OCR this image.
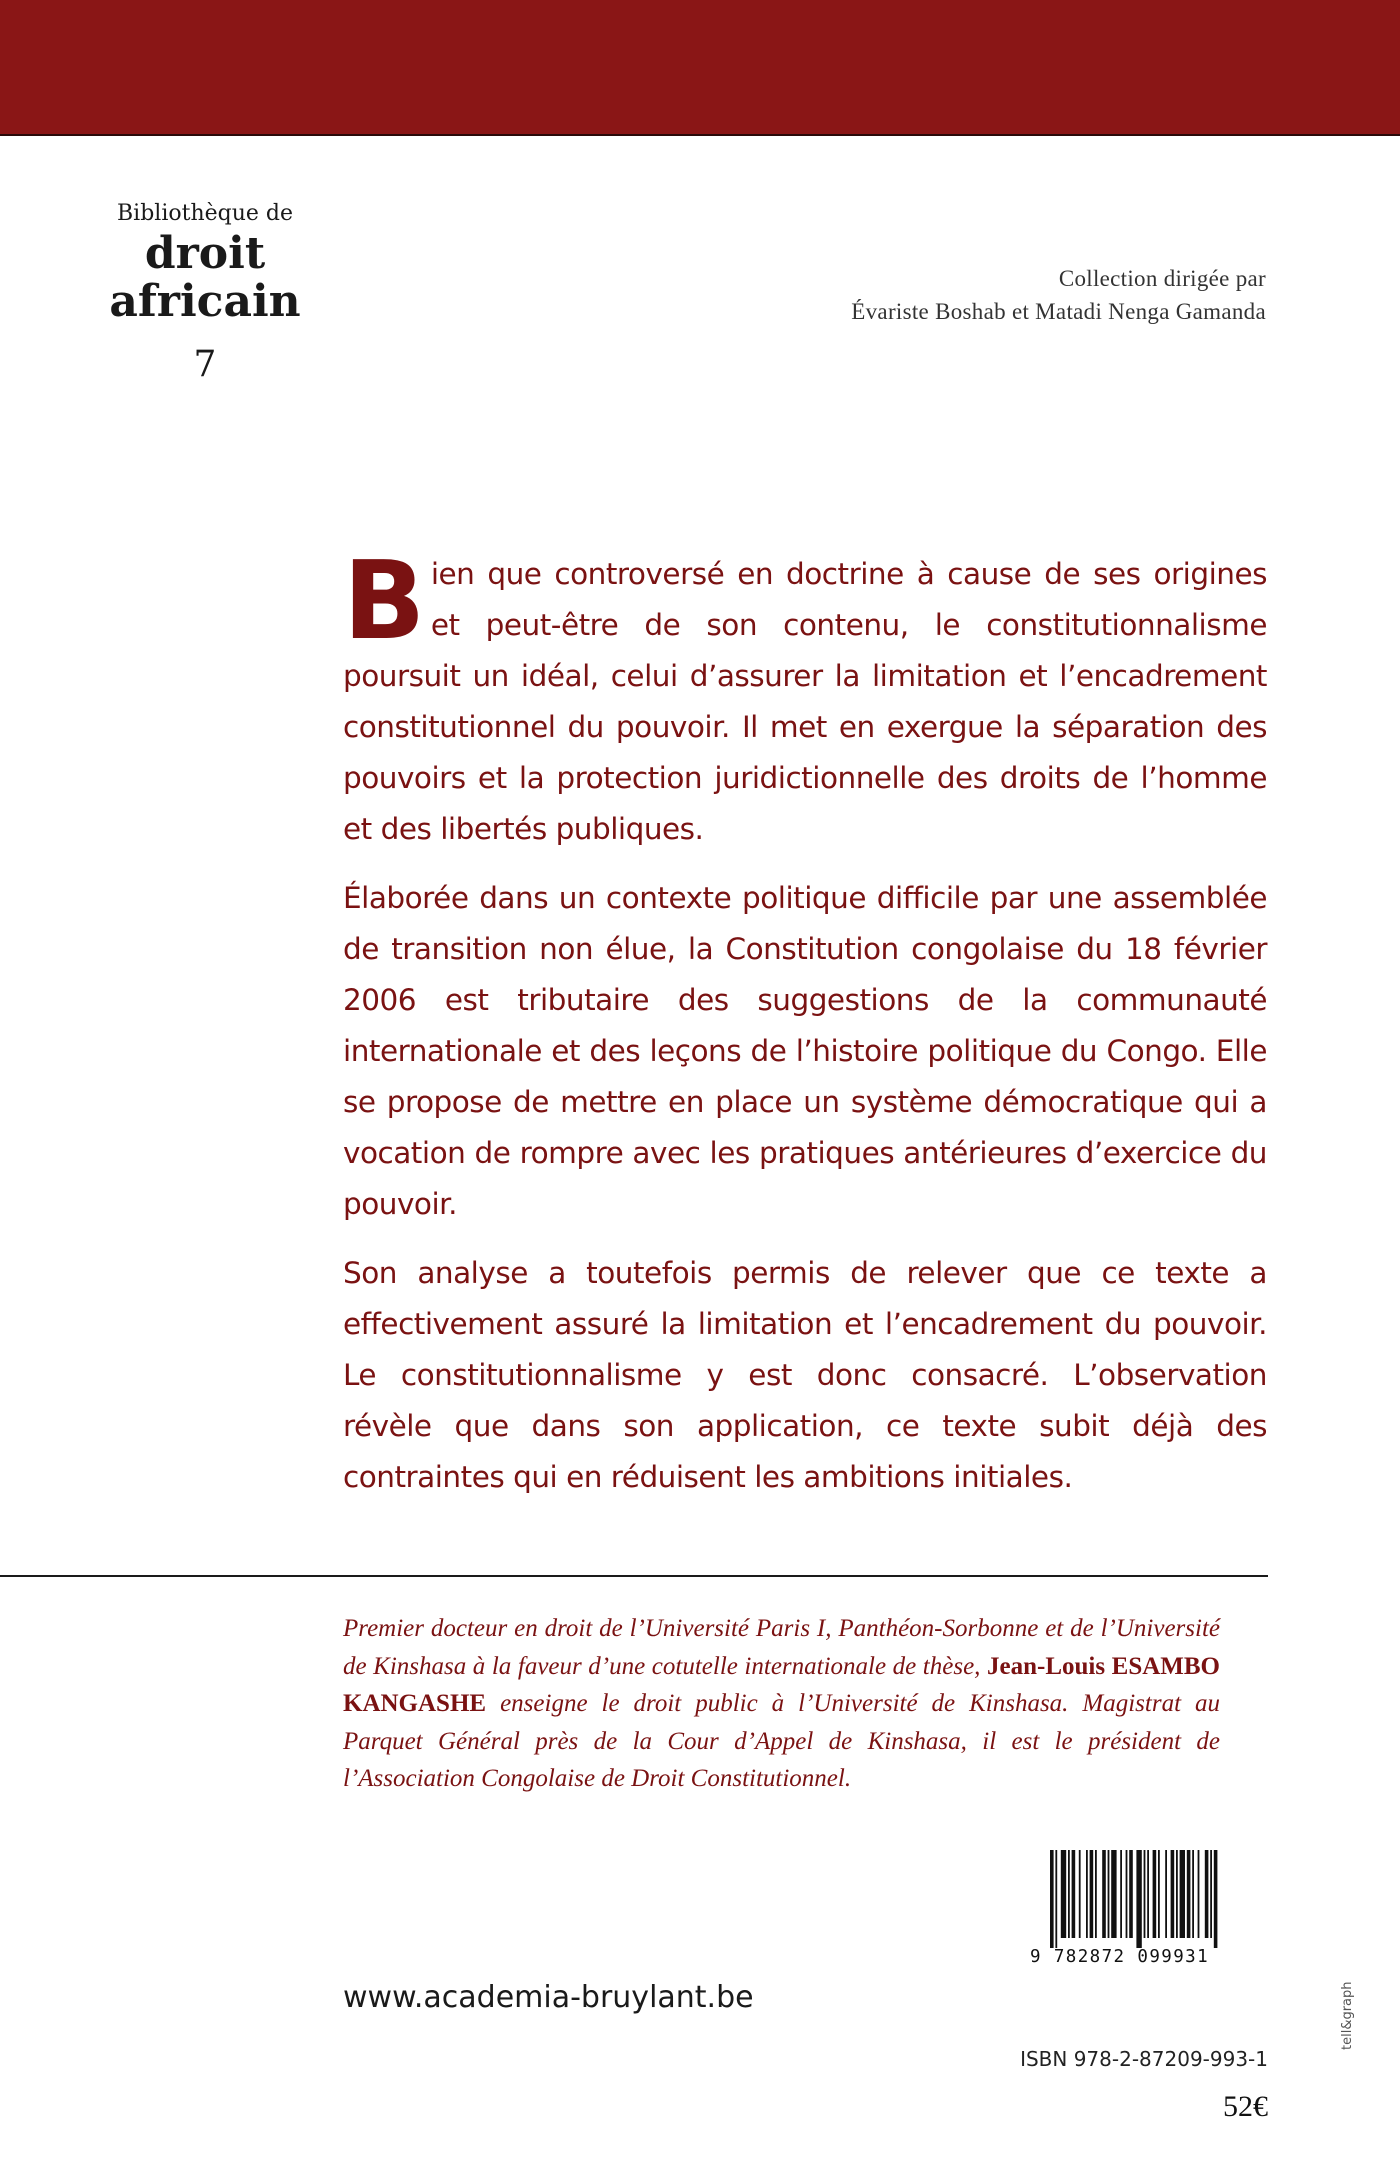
Bibliothèque de
droit
africain
7
Collection dirigée par
Évariste Boshab et Matadi Nenga Gamanda

Bien que controversé en doctrine à cause de ses origines et peut-être de son contenu, le constitutionnalisme poursuit un idéal, celui d’assurer la limitation et l’encadrement constitutionnel du pouvoir. Il met en exergue la séparation des pouvoirs et la protection juridictionnelle des droits de l’homme et des libertés publiques.

Élaborée dans un contexte politique difficile par une assemblée de transition non élue, la Constitution congolaise du 18 février 2006 est tributaire des suggestions de la communauté internationale et des leçons de l’histoire politique du Congo. Elle se propose de mettre en place un système démocratique qui a vocation de rompre avec les pratiques antérieures d’exercice du pouvoir.

Son analyse a toutefois permis de relever que ce texte a effectivement assuré la limitation et l’encadrement du pouvoir. Le constitutionnalisme y est donc consacré. L’observation révèle que dans son application, ce texte subit déjà des contraintes qui en réduisent les ambitions initiales.

Premier docteur en droit de l’Université Paris I, Panthéon-Sorbonne et de l’Université de Kinshasa à la faveur d’une cotutelle internationale de thèse, Jean-Louis ESAMBO KANGASHE enseigne le droit public à l’Université de Kinshasa. Magistrat au Parquet Général près de la Cour d’Appel de Kinshasa, il est le président de l’Association Congolaise de Droit Constitutionnel.
9 782872 099931
www.academia-bruylant.be
ISBN 978-2-87209-993-1
52€
tell&graph
